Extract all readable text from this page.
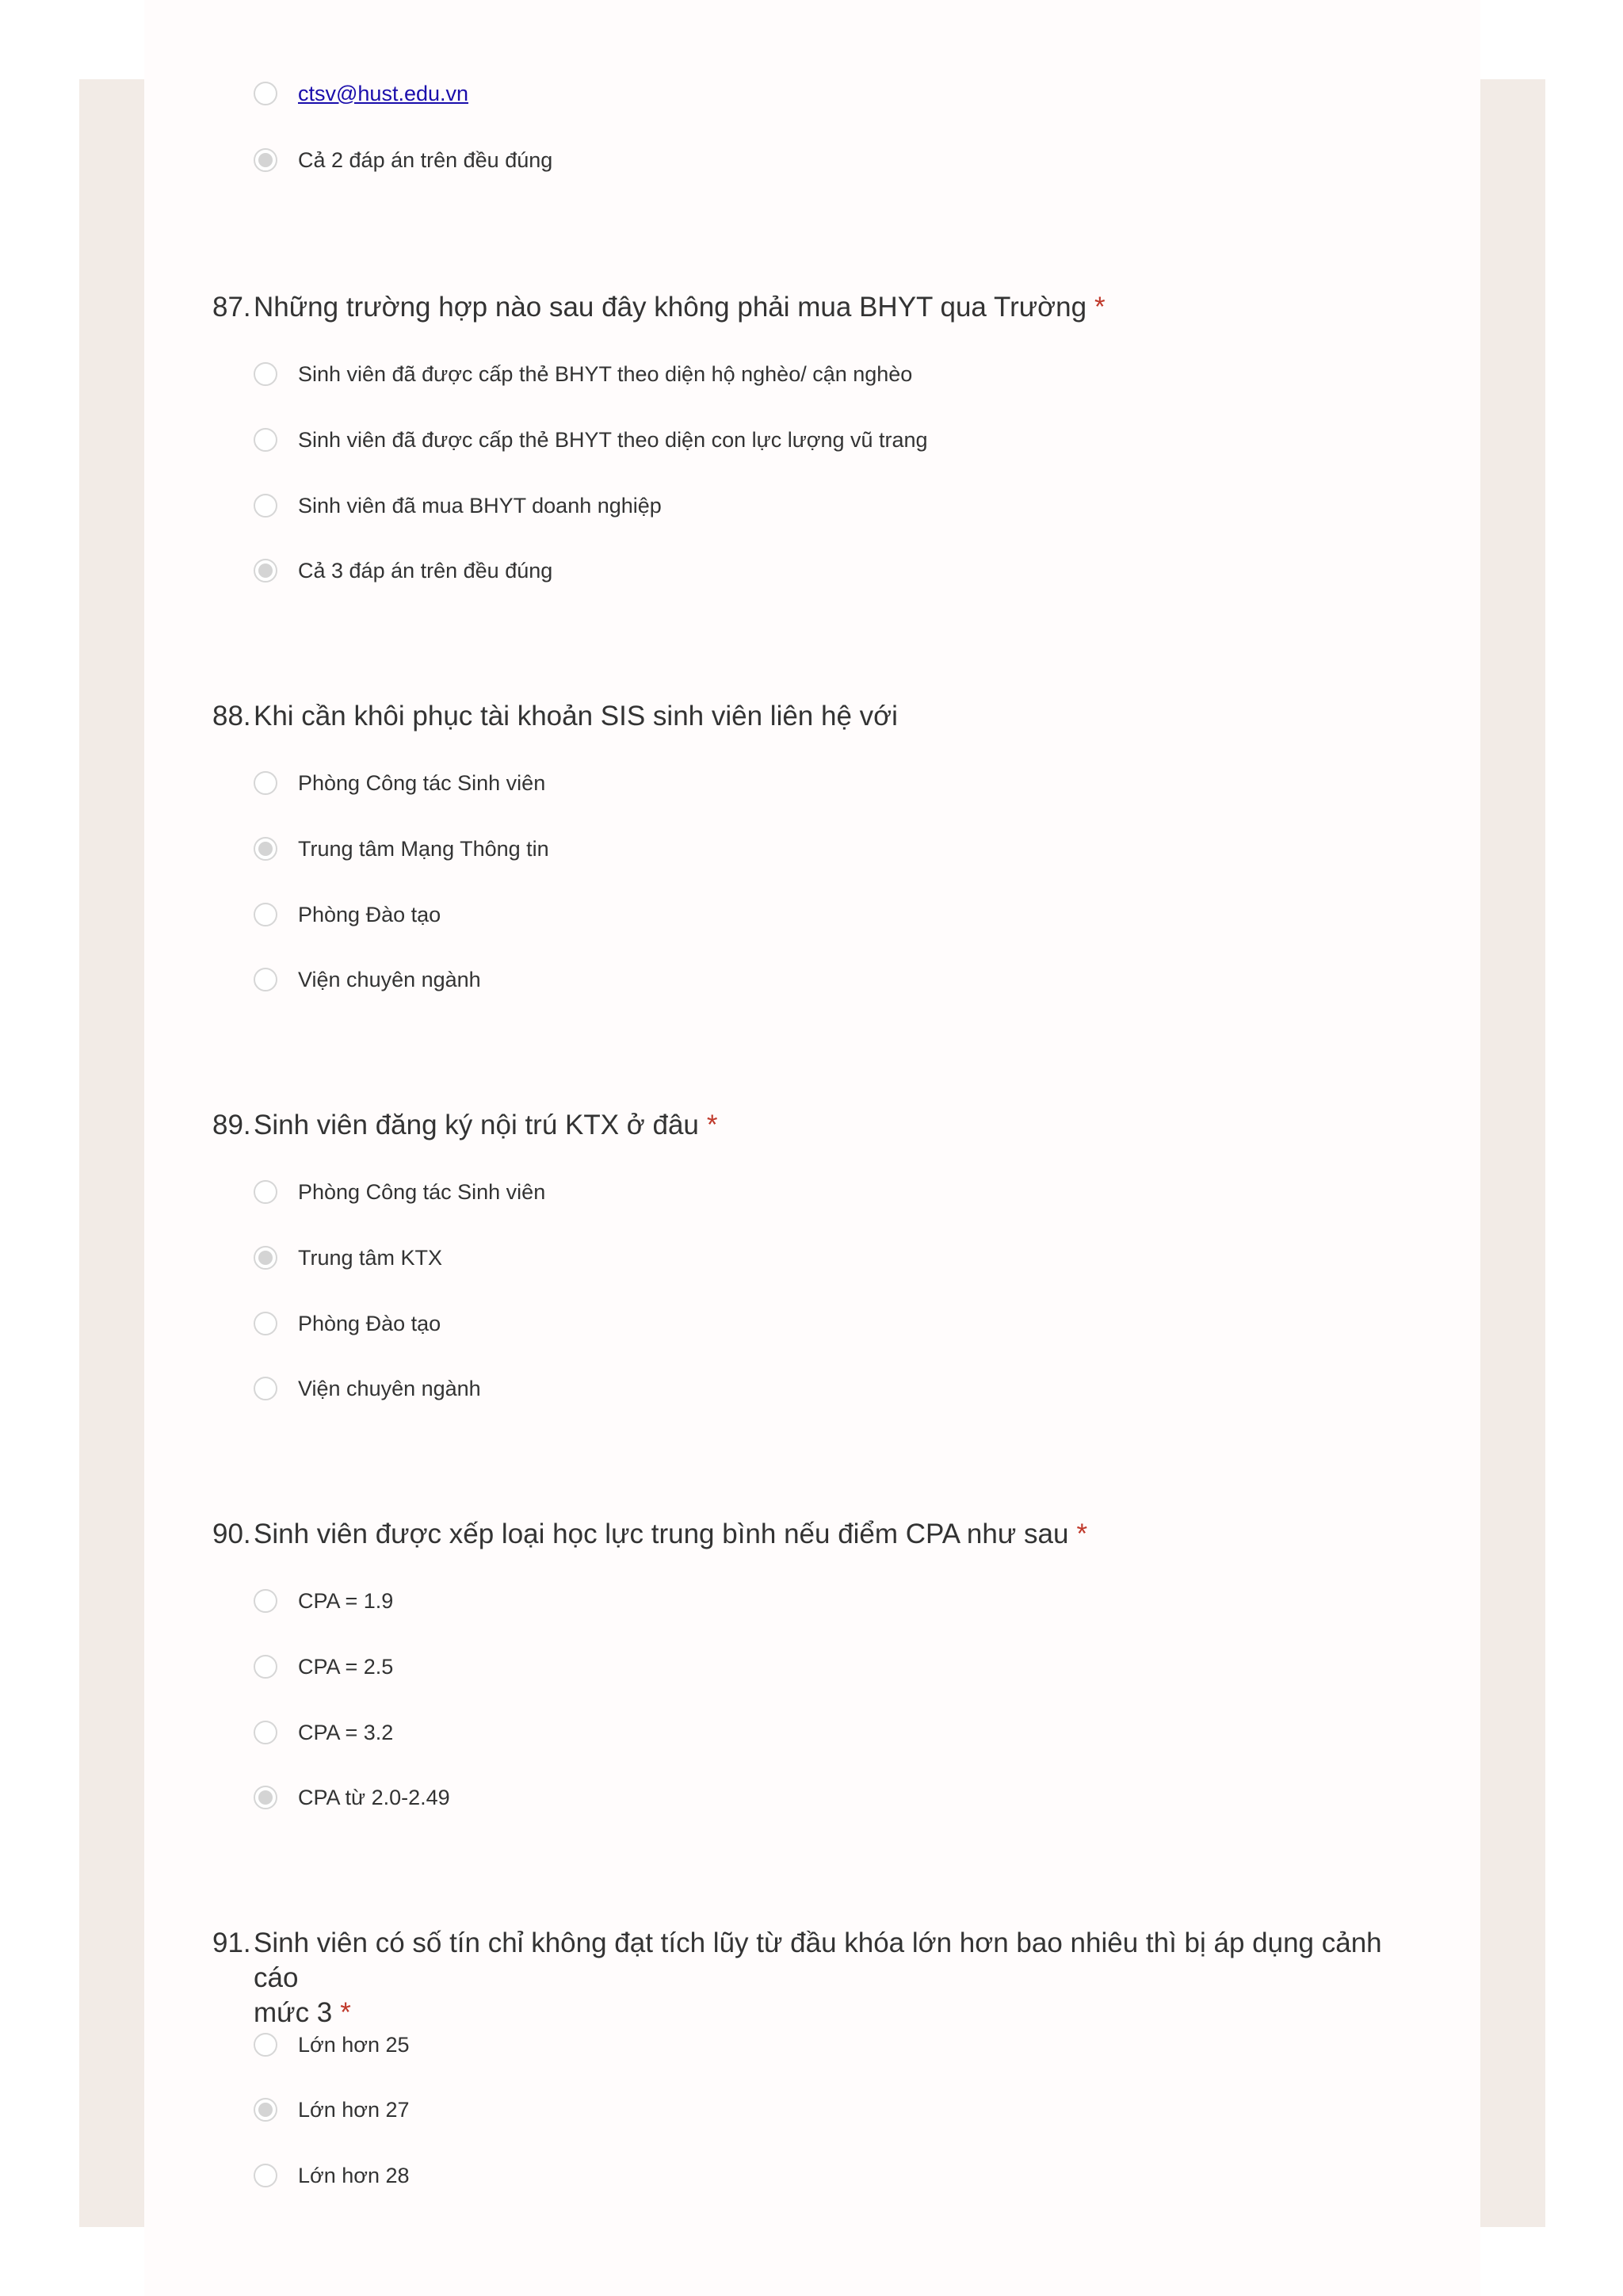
ctsv@hust.edu.vn
Cả 2 đáp án trên đều đúng
87. Những trường hợp nào sau đây không phải mua BHYT qua Trường *
Sinh viên đã được cấp thẻ BHYT theo diện hộ nghèo/ cận nghèo
Sinh viên đã được cấp thẻ BHYT theo diện con lực lượng vũ trang
Sinh viên đã mua BHYT doanh nghiệp
Cả 3 đáp án trên đều đúng
88. Khi cần khôi phục tài khoản SIS sinh viên liên hệ với
Phòng Công tác Sinh viên
Trung tâm Mạng Thông tin
Phòng Đào tạo
Viện chuyên ngành
89. Sinh viên đăng ký nội trú KTX ở đâu *
Phòng Công tác Sinh viên
Trung tâm KTX
Phòng Đào tạo
Viện chuyên ngành
90. Sinh viên được xếp loại học lực trung bình nếu điểm CPA như sau *
CPA = 1.9
CPA = 2.5
CPA = 3.2
CPA từ 2.0-2.49
91. Sinh viên có số tín chỉ không đạt tích lũy từ đầu khóa lớn hơn bao nhiêu thì bị áp dụng cảnh cáo
mức 3 *
Lớn hơn 25
Lớn hơn 27
Lớn hơn 28
